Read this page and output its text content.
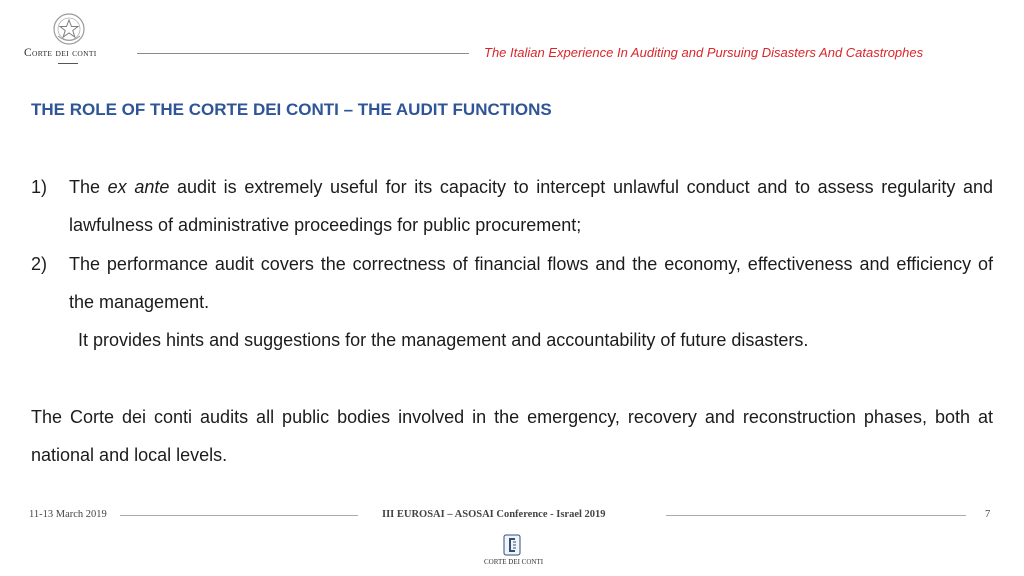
CORTE DEI CONTI	The Italian Experience In Auditing and Pursuing Disasters And Catastrophes
THE ROLE OF THE CORTE DEI CONTI – THE AUDIT FUNCTIONS
1) The ex ante audit is extremely useful for its capacity to intercept unlawful conduct and to assess regularity and lawfulness of administrative proceedings for public procurement;
2) The performance audit covers the correctness of financial flows and the economy, effectiveness and efficiency of the management.
It provides hints and suggestions for the management and accountability of future disasters.
The Corte dei conti audits all public bodies involved in the emergency, recovery and reconstruction phases, both at national and local levels.
11-13 March 2019	III EUROSAI – ASOSAI Conference - Israel 2019	7
CORTE DEI CONTI
